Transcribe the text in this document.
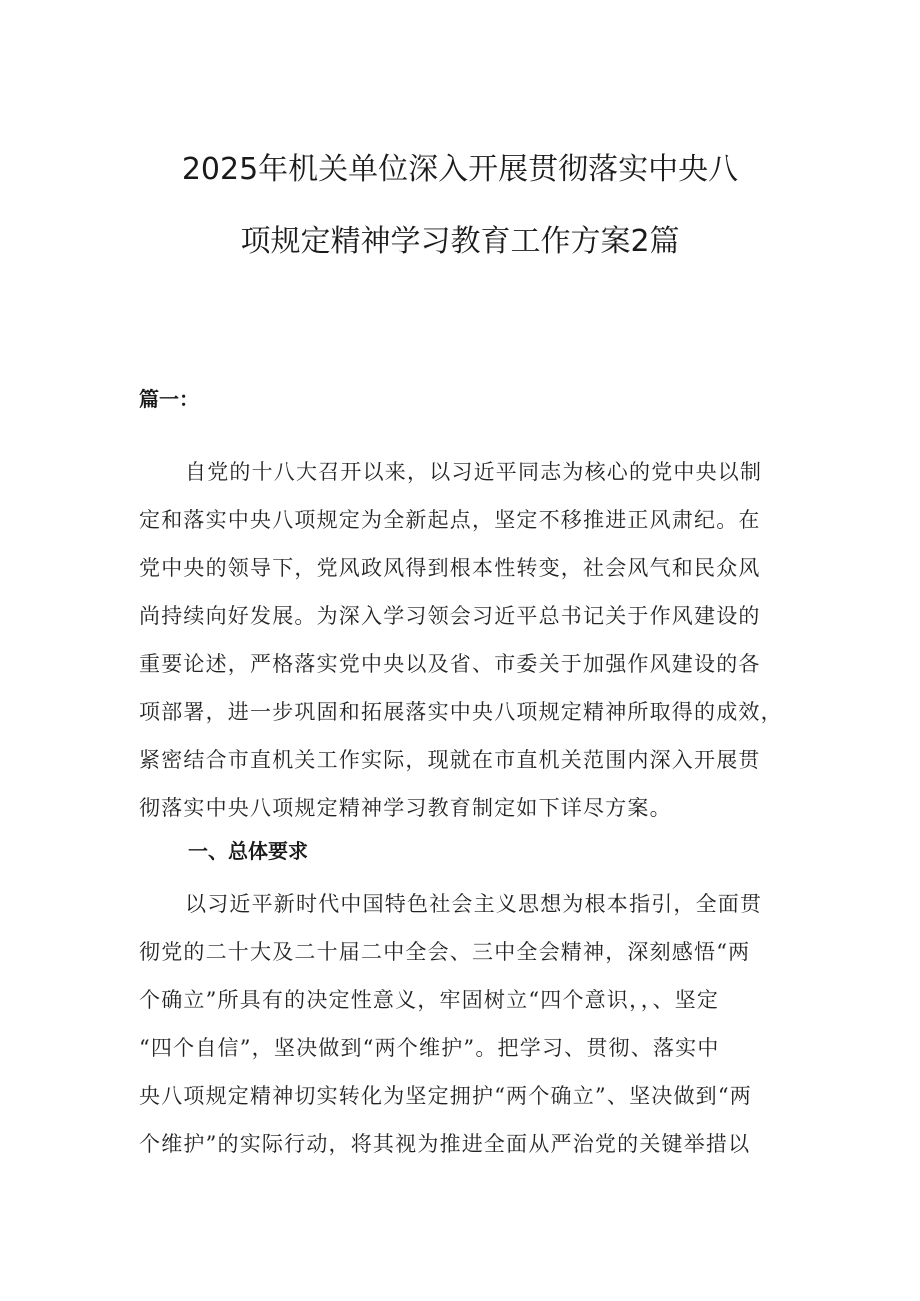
2025年机关单位深入开展贯彻落实中央八
项规定精神学习教育工作方案2篇
篇一：
自党的十八大召开以来，以习近平同志为核心的党中央以制
定和落实中央八项规定为全新起点，坚定不移推进正风肃纪。在
党中央的领导下，党风政风得到根本性转变，社会风气和民众风
尚持续向好发展。为深入学习领会习近平总书记关于作风建设的
重要论述，严格落实党中央以及省、市委关于加强作风建设的各
项部署，进一步巩固和拓展落实中央八项规定精神所取得的成效，
紧密结合市直机关工作实际，现就在市直机关范围内深入开展贯
彻落实中央八项规定精神学习教育制定如下详尽方案。
一、总体要求
以习近平新时代中国特色社会主义思想为根本指引，全面贯
彻党的二十大及二十届二中全会、三中全会精神，深刻感悟“两
个确立”所具有的决定性意义，牢固树立“四个意识，，、坚定
“四个自信”，坚决做到“两个维护”。把学习、贯彻、落实中
央八项规定精神切实转化为坚定拥护“两个确立”、坚决做到“两
个维护”的实际行动，将其视为推进全面从严治党的关键举措以
